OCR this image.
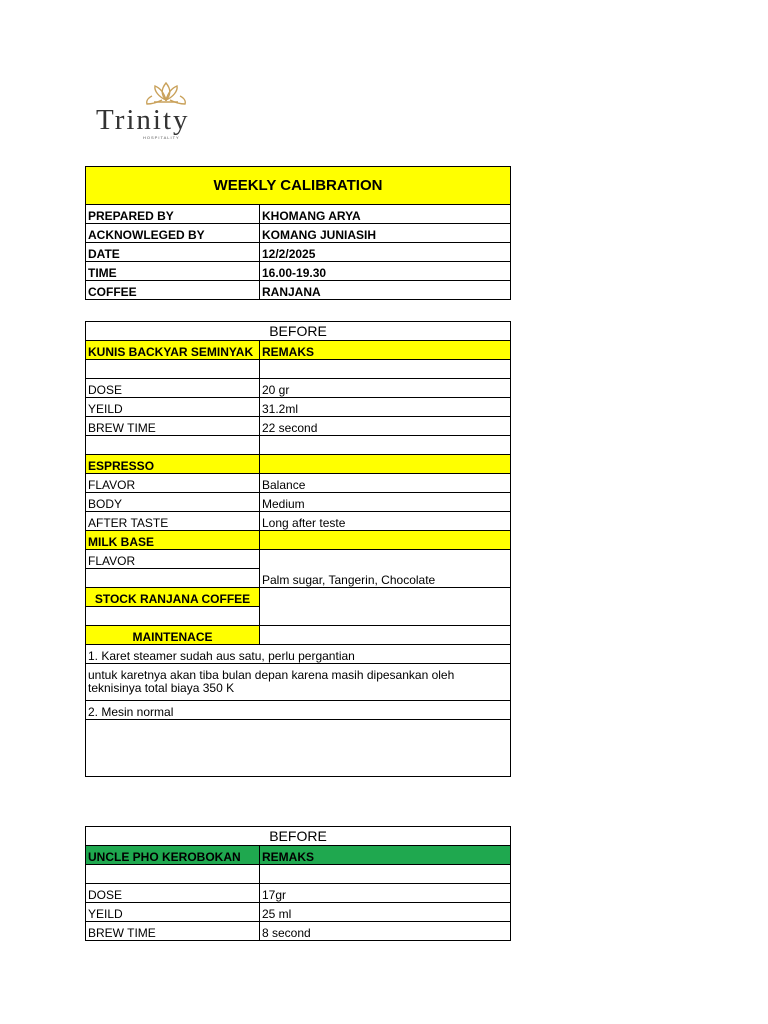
Trinity
HOSPITALITY
WEEKLY CALIBRATION	
PREPARED BY	KHOMANG ARYA
ACKNOWLEGED BY	KOMANG JUNIASIH
DATE	12/2/2025
TIME	16.00-19.30
COFFEE	RANJANA
BEFORE	
KUNIS BACKYAR SEMINYAK	REMAKS

DOSE	20 gr
YEILD	31.2ml
BREW TIME	22 second

ESPRESSO	
FLAVOR	Balance
BODY	Medium
AFTER TASTE	Long after teste
MILK BASE	
FLAVOR	Palm sugar, Tangerin, Chocolate

STOCK RANJANA COFFEE	

MAINTENACE	
1. Karet steamer sudah aus satu, perlu pergantian	
untuk karetnya akan tiba bulan depan karena masih dipesankan oleh teknisinya total biaya 350 K	
2. Mesin normal	

BEFORE	
UNCLE PHO KEROBOKAN	REMAKS

DOSE	17gr
YEILD	25 ml
BREW TIME	8 second
